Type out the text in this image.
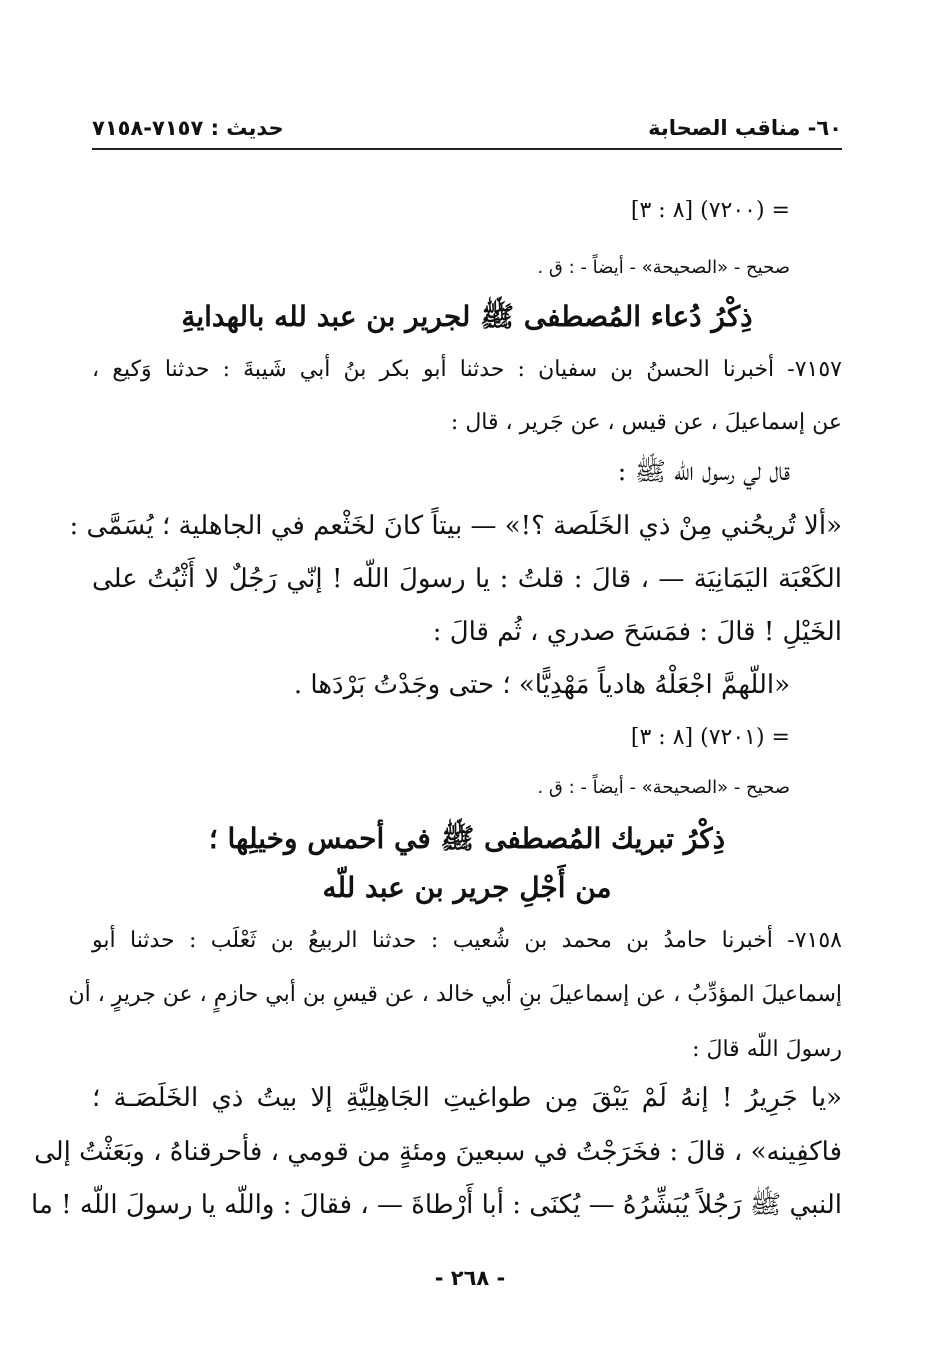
٦٠- مناقب الصحابة
حديث : ٧١٥٧-٧١٥٨
= (٧٢٠٠) [٨ : ٣]
صحيح - «الصحيحة» - أيضاً - : ق .
ذِكْرُ دُعاء المُصطفى ﷺ لجرير بن عبد لله بالهدايةِ
٧١٥٧- أخبرنا الحسنُ بن سفيان : حدثنا أبو بكر بنُ أبي شَيبةَ : حدثنا وَكيع ،
عن إسماعيلَ ، عن قيس ، عن جَرير ، قال :
قال لي رسول اللّه ﷺ :
«ألا تُريحُني مِنْ ذي الخَلَصة ؟!» — بيتاً كانَ لخَثْعم في الجاهلية ؛ يُسَمَّى :
الكَعْبَة اليَمَانِيَة — ، قالَ : قلتُ : يا رسولَ اللّه ! إنّي رَجُلٌ لا أَثْبُتُ على
الخَيْلِ ! قالَ : فمَسَحَ صدري ، ثُم قالَ :
«اللّهمَّ اجْعَلْهُ هادياً مَهْدِيًّا» ؛ حتى وجَدْتُ بَرْدَها .
= (٧٢٠١) [٨ : ٣]
صحيح - «الصحيحة» - أيضاً - : ق .
ذِكْرُ تبريك المُصطفى ﷺ في أحمس وخيلِها ؛
من أَجْلِ جرير بن عبد للّه
٧١٥٨- أخبرنا حامدُ بن محمد بن شُعيب : حدثنا الربيعُ بن ثَعْلَب : حدثنا أبو
إسماعيلَ المؤدِّبُ ، عن إسماعيلَ بنِ أبي خالد ، عن قيسِ بن أبي حازمٍ ، عن جريرٍ ، أن
رسولَ اللّه قالَ :
«يا جَرِيرُ ! إنهُ لَمْ يَبْقَ مِن طواغيتِ الجَاهِلِيَّةِ إلا بيتُ ذي الخَلَصَـة ؛
فاكفِينه» ، قالَ : فخَرَجْتُ في سبعينَ ومئةٍ من قومي ، فأحرقناهُ ، وبَعَثْتُ إلى
النبي ﷺ رَجُلاً يُبَشِّرُهُ — يُكنَى : أبا أَرْطاةَ — ، فقالَ : واللّه يا رسولَ اللّه ! ما
- ٢٦٨ -
